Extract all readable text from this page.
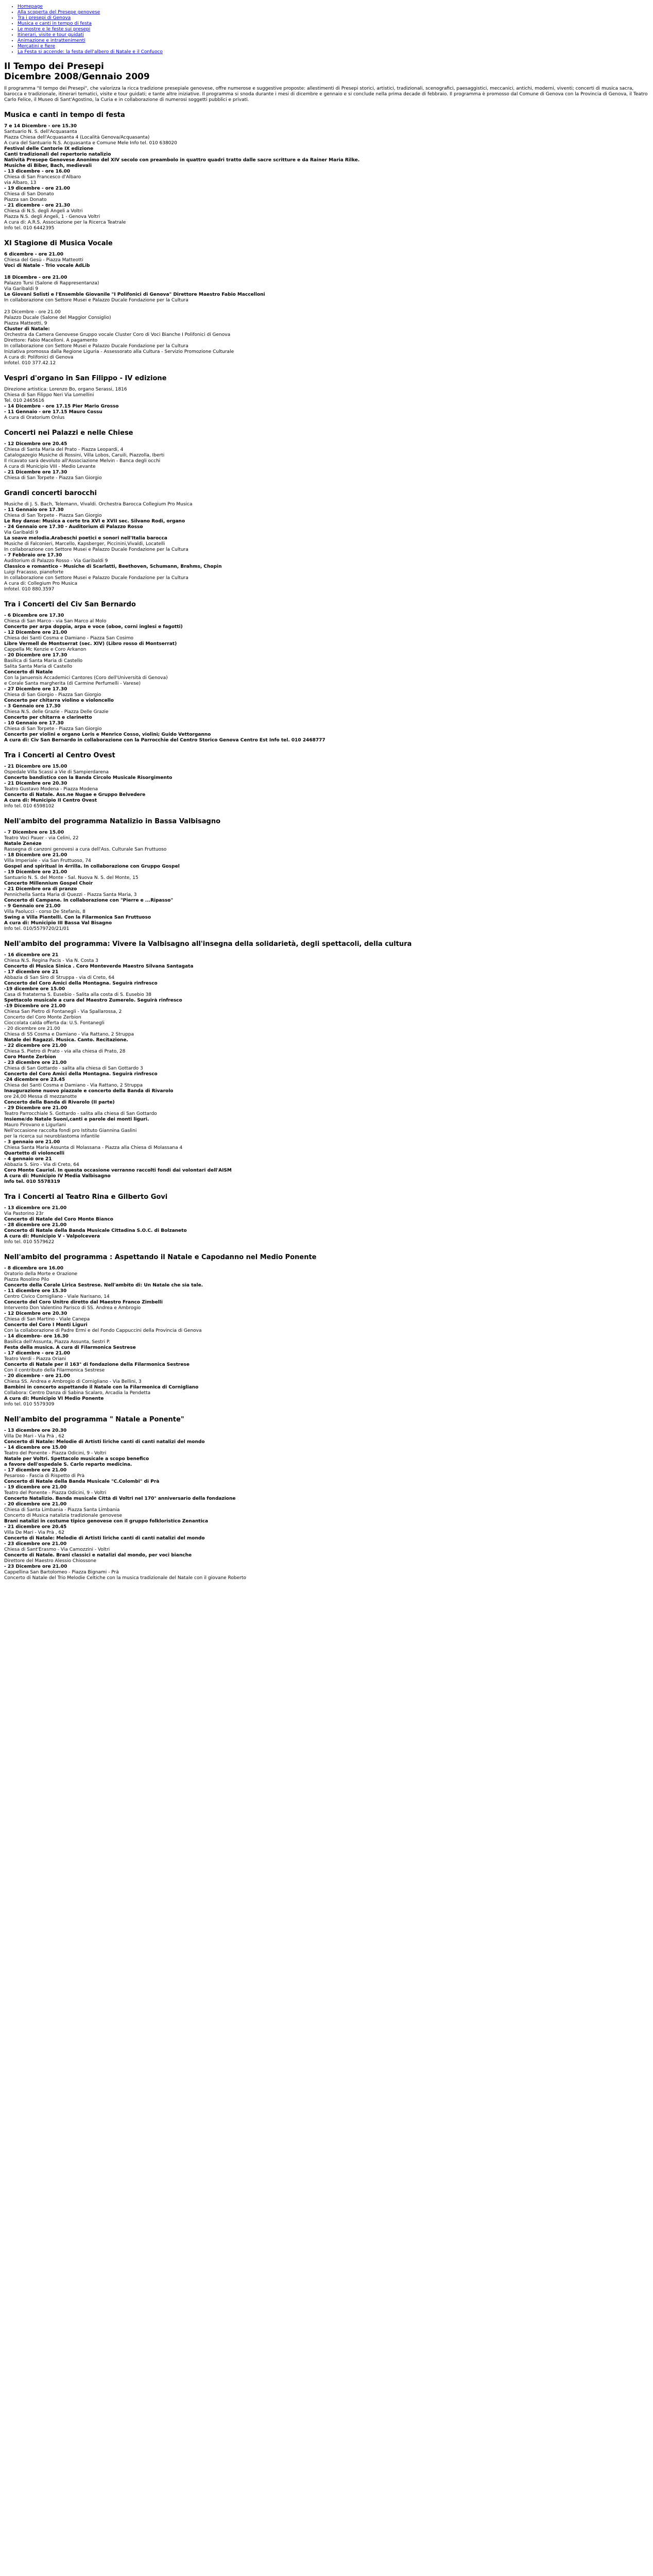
• Homepage
• Alla scoperta del Presepe genovese
• Tra i presepi di Genova
• Musica e canti in tempo di festa
• Le mostre e le feste sui presepi
• Itinerari, visite e tour guidati
• Animazione e intrattenimenti
• Mercatini e fiere
• La Festa si accende: la festa dell'albero di Natale e il Confuoco
Il Tempo dei Presepi
Dicembre 2008/Gennaio 2009
Il programma "Il tempo dei Presepi", che valorizza la ricca tradizione presepiale genovese, offre numerose e suggestive proposte: allestimenti di Presepi storici, artistici, tradizionali, scenografici, paesaggistici, meccanici, antichi, moderni, viventi; concerti di musica sacra, barocca e tradizionale, itinerari tematici, visite e tour guidati; e tante altre iniziative. Il programma si snoda durante i mesi di dicembre e gennaio e si conclude nella prima decade di febbraio. Il programma è promosso dal Comune di Genova con la Provincia di Genova, il Teatro Carlo Felice, il Museo di Sant'Agostino, la Curia e in collaborazione di numerosi soggetti pubblici e privati.
Musica e canti in tempo di festa
7 e 14 Dicembre - ore 15.30
Santuario N. S. dell'Acquasanta
Piazza Chiesa dell'Acquasanta 4 (Località Genova/Acquasanta)
A cura del Santuario N.S. Acquasanta e Comune Mele Info tel. 010 638020
Festival delle Cantorie IX edizione
Canti tradizionali del repertorio natalizio
Natività Presepe Genovese Anonimo del XIV secolo con preambolo in quattro quadri tratto dalle sacre scritture e da Rainer Maria Rilke.
Musiche di Biber, Bach, medievali
- 13 dicembre - ore 16.00
Chiesa di San Francesco d'Albaro
via Albaro, 13
- 19 dicembre - ore 21.00
Chiesa di San Donato
Piazza san Donato
- 21 dicembre - ore 21.30
Chiesa di N.S. degli Angeli a Voltri
Piazza N.S. degli Angeli, 1 - Genova Voltri
A cura di: A.R.S. Associazione per la Ricerca Teatrale
Info tel. 010 6442395
XI Stagione di Musica Vocale
6 dicembre - ore 21.00
Chiesa del Gesù - Piazza Matteotti
Voci di Natale - Trio vocale AdLib
18 Dicembre - ore 21.00
Palazzo Tursi (Salone di Rappresentanza)
Via Garibaldi 9
Le Giovani Solisti e l'Ensemble Giovanile "I Polifonici di Genova" Direttore Maestro Fabio Maccelloni
In collaborazione con Settore Musei e Palazzo Ducale Fondazione per la Cultura
23 Dicembre - ore 21.00
Palazzo Ducale (Salone del Maggior Consiglio)
Piazza Matteotti, 9
Cluster di Natale:
Orchestra da Camera Genovese Gruppo vocale Cluster Coro di Voci Bianche I Polifonici di Genova
Direttore: Fabio Macelloni. A pagamento
In collaborazione con Settore Musei e Palazzo Ducale Fondazione per la Cultura
Iniziativa promossa dalla Regione Liguria - Assessorato alla Cultura - Servizio Promozione Culturale
A cura di: Polifonici di Genova
Infotel. 010 377.42.12
Vespri d'organo in San Filippo - IV edizione
Direzione artistica: Lorenzo Bo, organo Serassi, 1816
Chiesa di San Filippo Neri Via Lomellini
Tel. 010 2465616
- 14 Dicembre - ore 17.15 Pier Mario Grosso
- 11 Gennaio - ore 17.15 Mauro Cossu
A cura di Oratorium Onlus
Concerti nei Palazzi e nelle Chiese
- 12 Dicembre ore 20.45
Chiesa di Santa Maria del Prato - Piazza Leopardi, 4
Catalogazegio Musiche di Rossini, Villa Lobos, Caruili, Piazzolla, Iberti
Il ricavato sarà devoluto all'Associazione Melvin - Banca degli occhi
A cura di Municipio VIII - Medio Levante
- 21 Dicembre ore 17.30
Chiesa di San Torpete - Piazza San Giorgio
Grandi concerti barocchi
Musiche di J. S. Bach, Telemann, Vivaldi. Orchestra Barocca Collegium Pro Musica
- 11 Gennaio ore 17.30
Chiesa di San Torpete - Piazza San Giorgio
Le Roy danse: Musica a corte tra XVI e XVII sec. Silvano Rodi, organo
- 24 Gennaio ore 17.30 - Auditorium di Palazzo Rosso
Via Garibaldi 9
La soave melodia.Arabeschi poetici e sonori nell'Italia barocca
Musiche di Falconieri, Marcello, Kapsberger, Piccinini,Vivaldi, Locatelli
In collaborazione con Settore Musei e Palazzo Ducale Fondazione per la Cultura
- 7 Febbraio ore 17.30
Auditorium di Palazzo Rosso - Via Garibaldi 9
Classico e romantico - Musiche di Scarlatti, Beethoven, Schumann, Brahms, Chopin
Luigi Fracasso, pianoforte
In collaborazione con Settore Musei e Palazzo Ducale Fondazione per la Cultura
A cura di: Collegium Pro Musica
Infotel. 010 880.3597
Tra i Concerti del Civ San Bernardo
- 6 Dicembre ore 17.30
Chiesa di San Marco - via San Marco al Molo
Concerto per arpa doppia, arpa e voce (oboe, corni inglesi e fagotti)
- 12 Dicembre ore 21.00
Chiesa dei Santi Cosma e Damiano - Piazza San Cosimo
Libre Vermell de Montserrat (sec. XIV) (Libro rosso di Montserrat)
Cappella Mc Kenzie e Coro Arkanon
- 20 Dicembre ore 17.30
Basilica di Santa Maria di Castello
Salita Santa Maria di Castello
Concerto di Natale
Con la Januensis Accademici Cantores (Coro dell'Università di Genova)
e Corale Santa margherita (di Carmine Perfumelli - Varese)
- 27 Dicembre ore 17.30
Chiesa di San Giorgio - Piazza San Giorgio
Concerto per chitarra violino e violoncello
- 3 Gennaio ore 17.30
Chiesa N.S. delle Grazie - Piazza Delle Grazie
Concerto per chitarra e clarinetto
- 10 Gennaio ore 17.30
Chiesa di San Torpete - Piazza San Giorgio
Concerto per violini e organo Loris e Menrico Cosso, violini; Guido Vettorganno
A cura di: Civ San Bernardo in collaborazione con la Parrocchie del Centro Storico Genova Centro Est Info tel. 010 2468777
Tra i Concerti al Centro Ovest
- 21 Dicembre ore 15.00
Ospedale Villa Scassi a Vie di Sampierdarena
Concerto bandistico con la Banda Circolo Musicale Risorgimento
- 21 Dicembre ore 20.30
Teatro Gustavo Modena - Piazza Modena
Concerto di Natale. Ass.ne Nugae e Gruppo Belvedere
A cura di: Municipio II Centro Ovest
Info tel. 010 6598102
Nell'ambito del programma Natalizio in Bassa Valbisagno
- 7 Dicembre ore 15.00
Teatro Voci Pauer - via Celini, 22
Natale Zenéze
Rassegna di canzoni genovesi a cura dell'Ass. Culturale San Fruttuoso
- 18 Dicembre ore 21.00
Villa Imperiale - via San Fruttuoso, 74
Gospel and spiritual in 4rrilla. In collaborazione con Gruppo Gospel
- 19 Dicembre ore 21.00
Santuario N. S. del Monte - Sal. Nuova N. S. del Monte, 15
Concerto Millennium Gospel Choir
- 21 Dicembre ora di pranzo
Pennichella Santa Maria di Quezzi - Piazza Santa Maria, 3
Concerto di Campane. In collaborazione con "Pierre e ...Ripasso"
- 9 Gennaio ore 21.00
Villa Paolucci - corso De Stefanis, 8
Swing a Villa Piantelli. Con la Filarmonica San Fruttuoso
A cura di: Municipio III Bassa Val Bisagno
Info tel. 010/5579720/21/01
Nell'ambito del programma: Vivere la Valbisagno all'insegna della solidarietà, degli spettacoli, della cultura
- 16 dicembre ore 21
Chiesa N.S. Regina Pacis - Via N. Costa 3
Concerto di Musica Sinica . Coro Monteverde Maestro Silvana Santagata
- 17 dicembre ore 21
Abbazia di San Siro di Struppa - via di Creto, 64
Concerto del Coro Amici della Montagna. Seguirà rinfresco
-19 dicembre ore 15.00
Casa di frataterna S. Eusebio - Salita alla costa di S. Eusebio 38
Spettacolo musicale a cura del Maestro Zumerelo. Seguirà rinfresco
-19 Dicembre ore 21.00
Chiesa San Pietro di Fontanegli - Via Spallarossa, 2
Concerto del Coro Monte Zerbion
Cioccolata calda offerta da: U.S. Fontanegli
- 20 dicembre ore 21.00
Chiesa di SS Cosma e Damiano - Via Rattano, 2 Struppa
Natale dei Ragazzi. Musica. Canto. Recitazione.
- 22 dicembre ore 21.00
Chiesa S. Pietro di Prato - via alla chiesa di Prato, 28
Coro Monte Zerbion
- 23 dicembre ore 21.00
Chiesa di San Gottardo - salita alla chiesa di San Gottardo 3
Concerto del Coro Amici della Montagna. Seguirà rinfresco
-24 dicembre ore 23.45
Chiesa dei Santi Cosma e Damiano - Via Rattano, 2 Struppa
Inaugurazione nuovo piazzale e concerto della Banda di Rivarolo
ore 24,00 Messa di mezzanotte
Concerto della Banda di Rivarolo (II parte)
- 29 Dicembre ore 21.00
Teatro Parrocchiale S. Gottardo - salita alla chiesa di San Gottardo
Insieme/do Natale Suoni,canti e parole dei monti liguri.
Mauro Pirovano e Ligurlani
Nell'occasione raccolta fondi pro Istituto Giannina Gaslini
per la ricerca sui neuroblastoma infantile
- 3 gennaio ore 21.00
Chiesa Santa Maria Assunta di Molassana - Piazza alla Chiesa di Molassana 4
Quartetto di violoncelli
- 4 gennaio ore 21
Abbazia S. Siro - Via di Creto, 64
Coro Monte Cauriol. In questa occasione verranno raccolti fondi dai volontari dell'AISM
A cura di: Municipio IV Media Valbisagno
Info tel. 010 5578319
Tra i Concerti al Teatro Rina e Gilberto Govi
- 13 dicembre ore 21.00
Via Pastorino 23r
Concerto di Natale del Coro Monte Bianco
- 28 dicembre ore 21.00
Concerto di Natale della Banda Musicale Cittadina S.O.C. di Bolzaneto
A cura di: Municipio V - Valpolcevera
Info tel. 010 5579622
Nell'ambito del programma : Aspettando il Natale e Capodanno nel Medio Ponente
- 8 dicembre ore 16.00
Oratorio della Morte e Orazione
Piazza Rosolino Pilo
Concerto della Corale Lirica Sestrese. Nell'ambito di: Un Natale che sia tale.
- 11 dicembre ore 15.30
Centro Civico Cornigliano - Viale Narisano, 14
Concerto del Coro Unitre diretto dal Maestro Franco Zimbelli
Intervento Don Valentino Parisco di SS. Andrea e Ambrogio
- 12 Dicembre ore 20.30
Chiesa di San Martino - Viale Canepa
Concerto del Coro I Monti Liguri
Con la collaborazione di Padre Ermi e del Fondo Cappuccini della Provincia di Genova
- 14 dicembre- ore 16.30
Basilica dell'Assunta, Piazza Assunta, Sestri P.
Festa della musica. A cura di Filarmonica Sestrese
- 17 dicembre - ore 21.00
Teatro Verdi - Piazza Oriani
Concerto di Natale per il 163° di fondazione della Filarmonica Sestrese
Con il contributo della Filarmonica Sestrese
- 20 dicembre - ore 21.00
Chiesa SS. Andrea e Ambrogio di Cornigliano - Via Bellini, 3
Bambini in concerto aspettando il Natale con la Filarmonica di Cornigliano
Collabora: Centro Danza di Sabina Scalaro, Arcadia la Pendetta
A cura di: Municipio VI Medio Ponente
Info tel. 010 5579309
Nell'ambito del programma " Natale a Ponente"
- 13 dicembre ore 20.30
Villa De Mari - Via Prà , 62
Concerto di Natale: Melodie di Artisti liriche canti di canti natalizi del mondo
- 14 dicembre ore 15.00
Teatro del Ponente - Piazza Odicini, 9 - Voltri
Natale per Voltri. Spettacolo musicale a scopo benefico
a favore dell'ospedale S. Carlo reparto medicina.
- 17 dicembre ore 21.00
Pesaroso - Fascia di Rispetto di Prà
Concerto di Natale della Banda Musicale "C.Colombi" di Prà
- 19 dicembre ore 21.00
Teatro del Ponente - Piazza Odicini, 9 - Voltri
Concerto Natalizio. Banda musicale Città di Voltri nel 170° anniversario della fondazione
- 20 dicembre ore 21.00
Chiesa di Santa Limbania - Piazza Santa Limbania
Concerto di Musica natalizia tradizionale genovese
Brani natalizi in costume tipico genovese con il gruppo folkloristico Zenantica
- 21 dicembre ore 20.45
Villa De Mari - Via Prà , 62
Concerto di Natale: Melodie di Artisti liriche canti di canti natalizi del mondo
- 23 dicembre ore 21.00
Chiesa di Sant'Erasmo - Via Camozzini - Voltri
Concerto di Natale. Brani classici e natalizi dal mondo, per voci bianche
Direttore del Maestro Alessio Chiossone
- 23 Dicembre ore 21.00
Cappellina San Bartolomeo - Piazza Bignami - Prà
Concerto di Natale del Trio Melodie Celtiche con la musica tradizionale del Natale con il giovane Roberto
